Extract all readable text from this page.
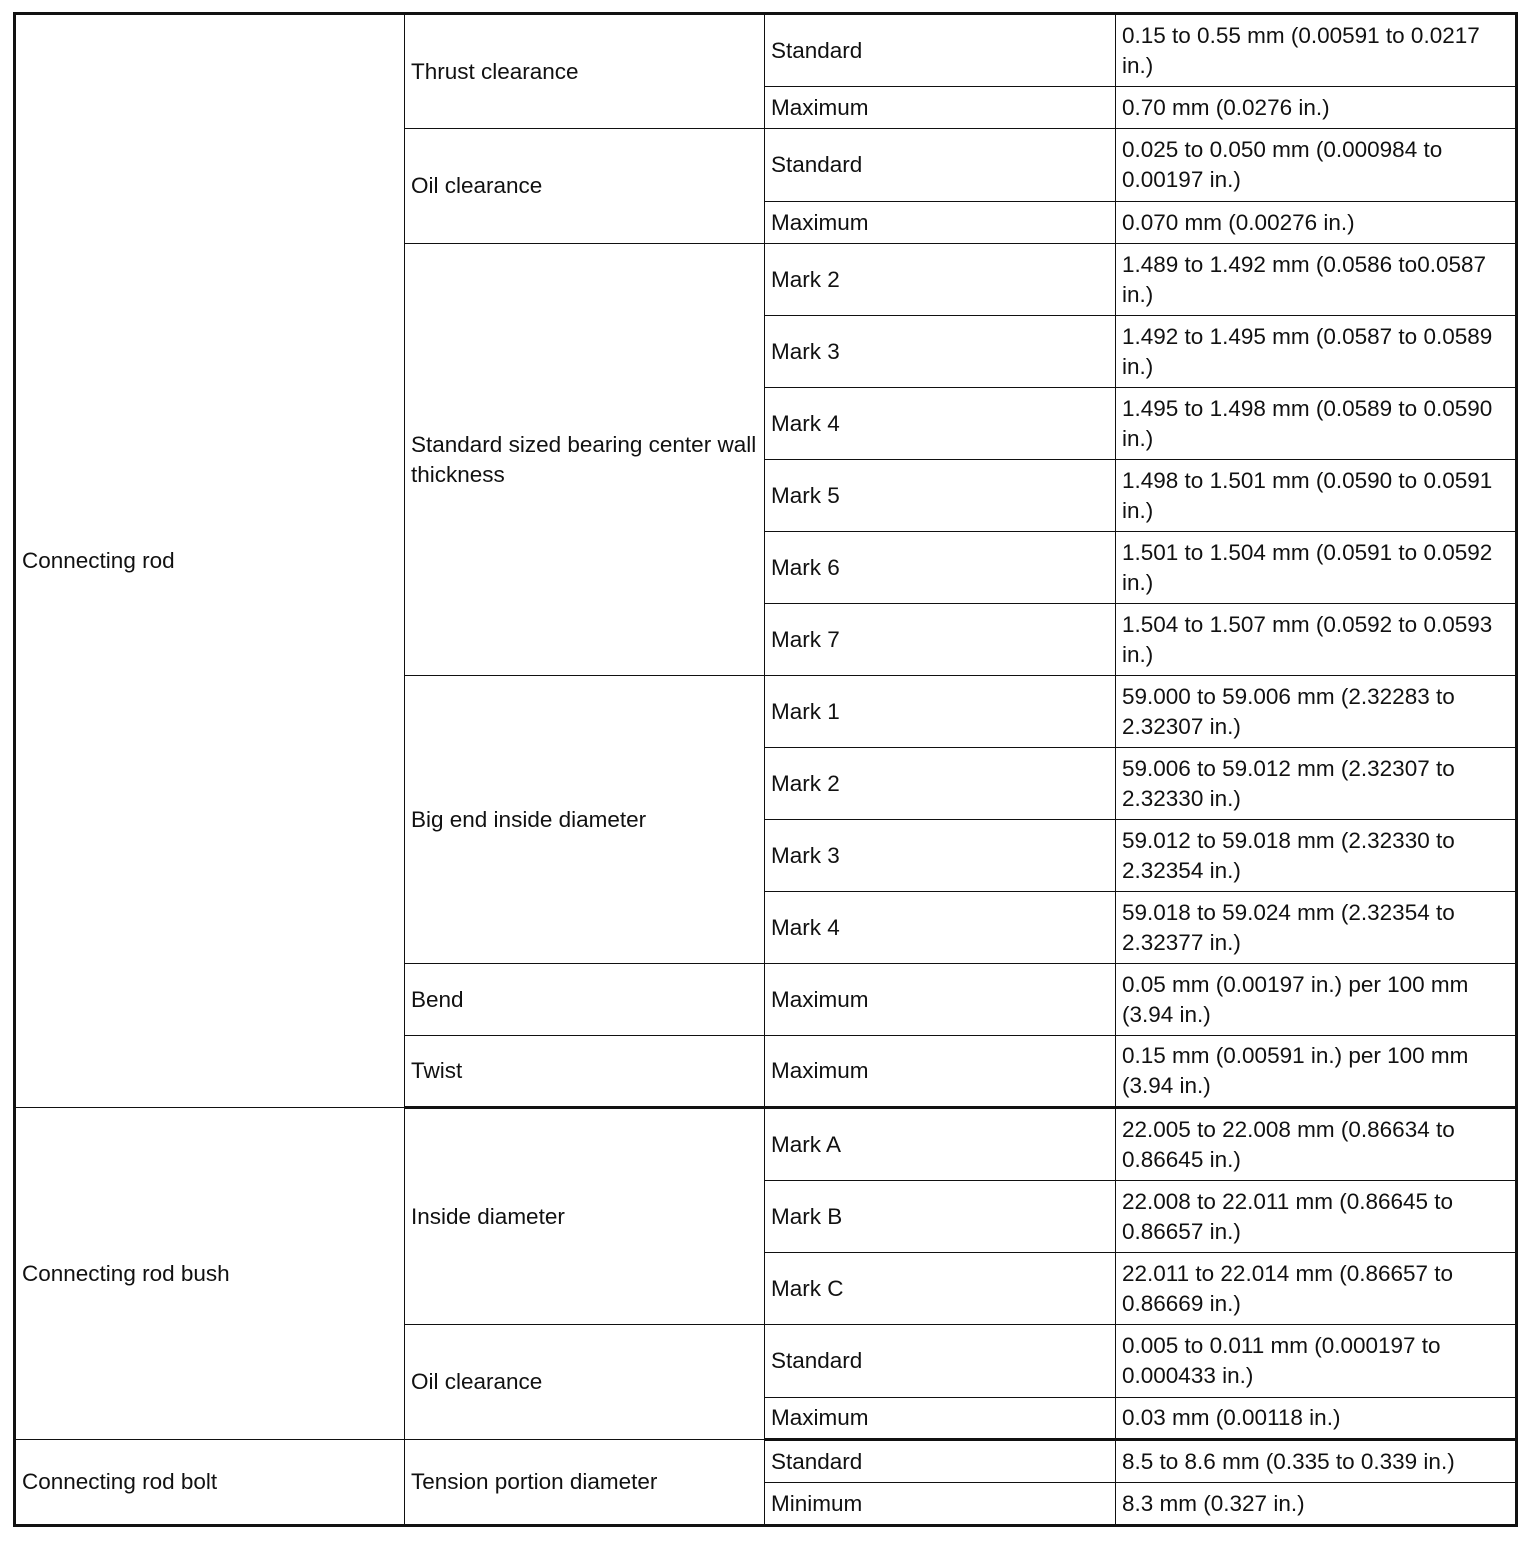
Connecting rod	Thrust clearance	Standard	0.15 to 0.55 mm (0.00591 to 0.0217 in.)
		Maximum	0.70 mm (0.0276 in.)
	Oil clearance	Standard	0.025 to 0.050 mm (0.000984 to 0.00197 in.)
		Maximum	0.070 mm (0.00276 in.)
	Standard sized bearing center wall thickness	Mark 2	1.489 to 1.492 mm (0.0586 to0.0587 in.)
		Mark 3	1.492 to 1.495 mm (0.0587 to 0.0589 in.)
		Mark 4	1.495 to 1.498 mm (0.0589 to 0.0590 in.)
		Mark 5	1.498 to 1.501 mm (0.0590 to 0.0591 in.)
		Mark 6	1.501 to 1.504 mm (0.0591 to 0.0592 in.)
		Mark 7	1.504 to 1.507 mm (0.0592 to 0.0593 in.)
	Big end inside diameter	Mark 1	59.000 to 59.006 mm (2.32283 to 2.32307 in.)
		Mark 2	59.006 to 59.012 mm (2.32307 to 2.32330 in.)
		Mark 3	59.012 to 59.018 mm (2.32330 to 2.32354 in.)
		Mark 4	59.018 to 59.024 mm (2.32354 to 2.32377 in.)
	Bend	Maximum	0.05 mm (0.00197 in.) per 100 mm (3.94 in.)
	Twist	Maximum	0.15 mm (0.00591 in.) per 100 mm (3.94 in.)
Connecting rod bush	Inside diameter	Mark A	22.005 to 22.008 mm (0.86634 to 0.86645 in.)
		Mark B	22.008 to 22.011 mm (0.86645 to 0.86657 in.)
		Mark C	22.011 to 22.014 mm (0.86657 to 0.86669 in.)
	Oil clearance	Standard	0.005 to 0.011 mm (0.000197 to 0.000433 in.)
		Maximum	0.03 mm (0.00118 in.)
Connecting rod bolt	Tension portion diameter	Standard	8.5 to 8.6 mm (0.335 to 0.339 in.)
		Minimum	8.3 mm (0.327 in.)
